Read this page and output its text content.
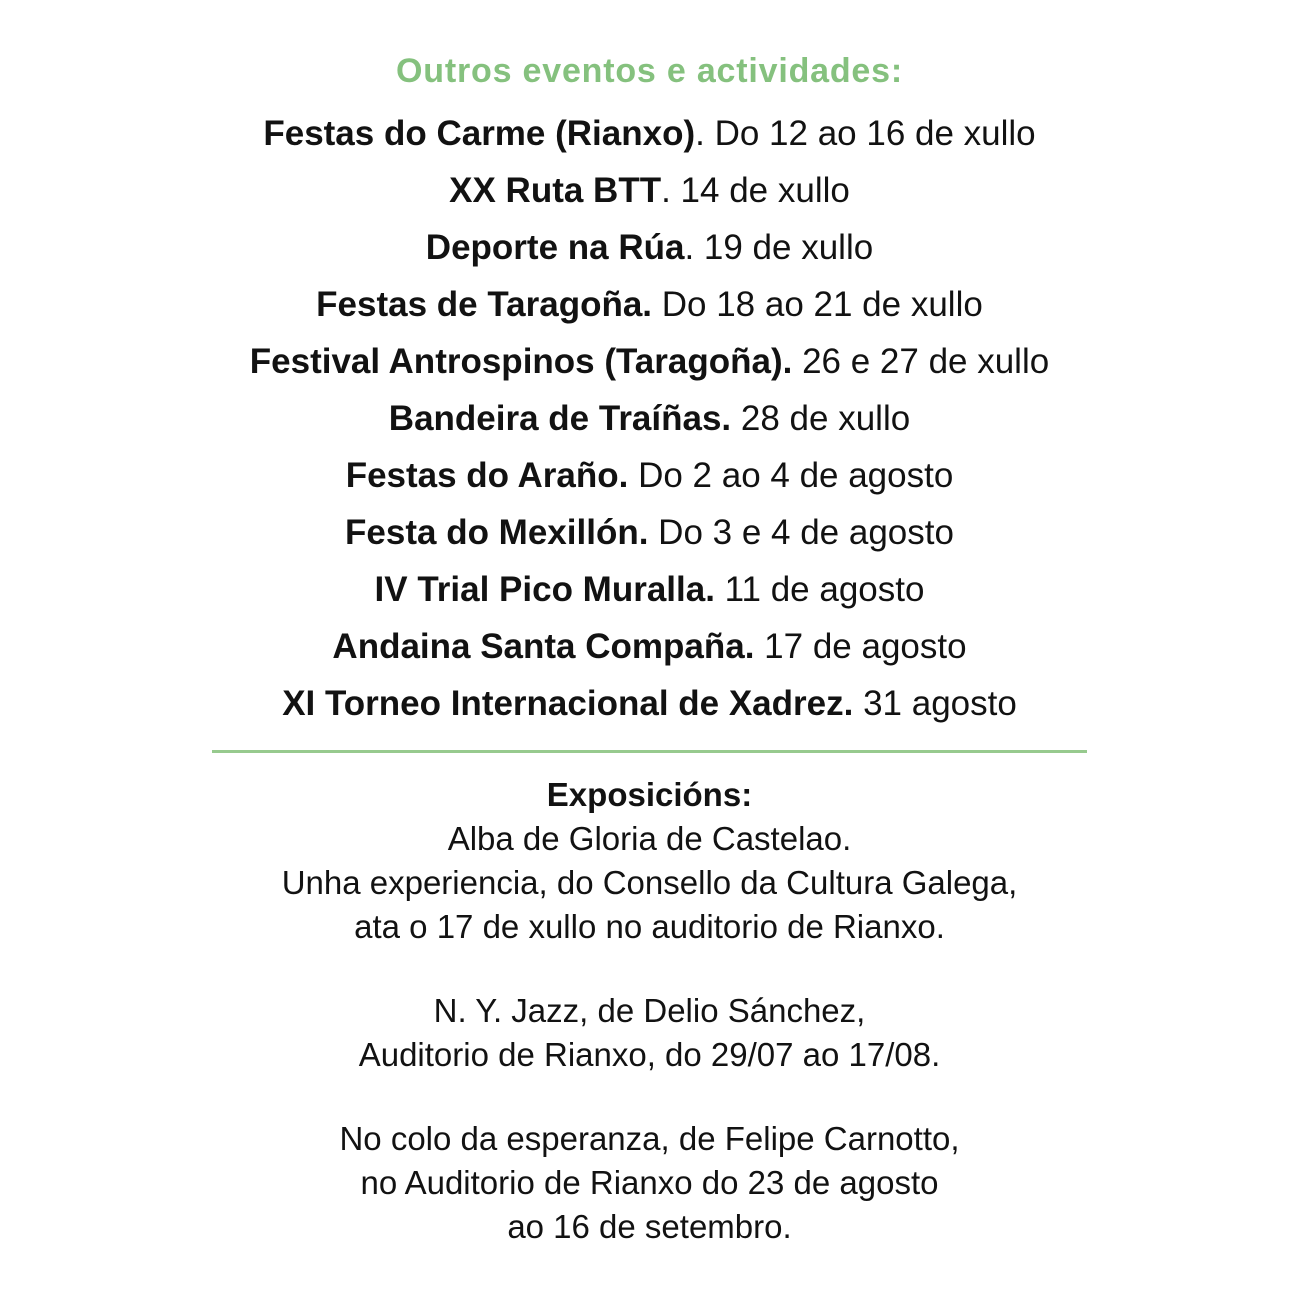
Outros eventos e actividades:
Festas do Carme (Rianxo). Do 12 ao 16 de xullo
XX Ruta BTT. 14 de xullo
Deporte na Rúa. 19 de xullo
Festas de Taragoña. Do 18 ao 21 de xullo
Festival Antrospinos (Taragoña). 26 e 27 de xullo
Bandeira de Traíñas. 28 de xullo
Festas do Araño. Do 2 ao 4 de agosto
Festa do Mexillón. Do 3 e 4 de agosto
IV Trial Pico Muralla. 11 de agosto
Andaina Santa Compaña. 17 de agosto
XI Torneo Internacional de Xadrez. 31 agosto
Exposicións:
Alba de Gloria de Castelao.
Unha experiencia, do Consello da Cultura Galega,
ata o 17 de xullo no auditorio de Rianxo.
N. Y. Jazz, de Delio Sánchez,
Auditorio de Rianxo, do 29/07 ao 17/08.
No colo da esperanza, de Felipe Carnotto,
no Auditorio de Rianxo do 23 de agosto
ao 16 de setembro.
